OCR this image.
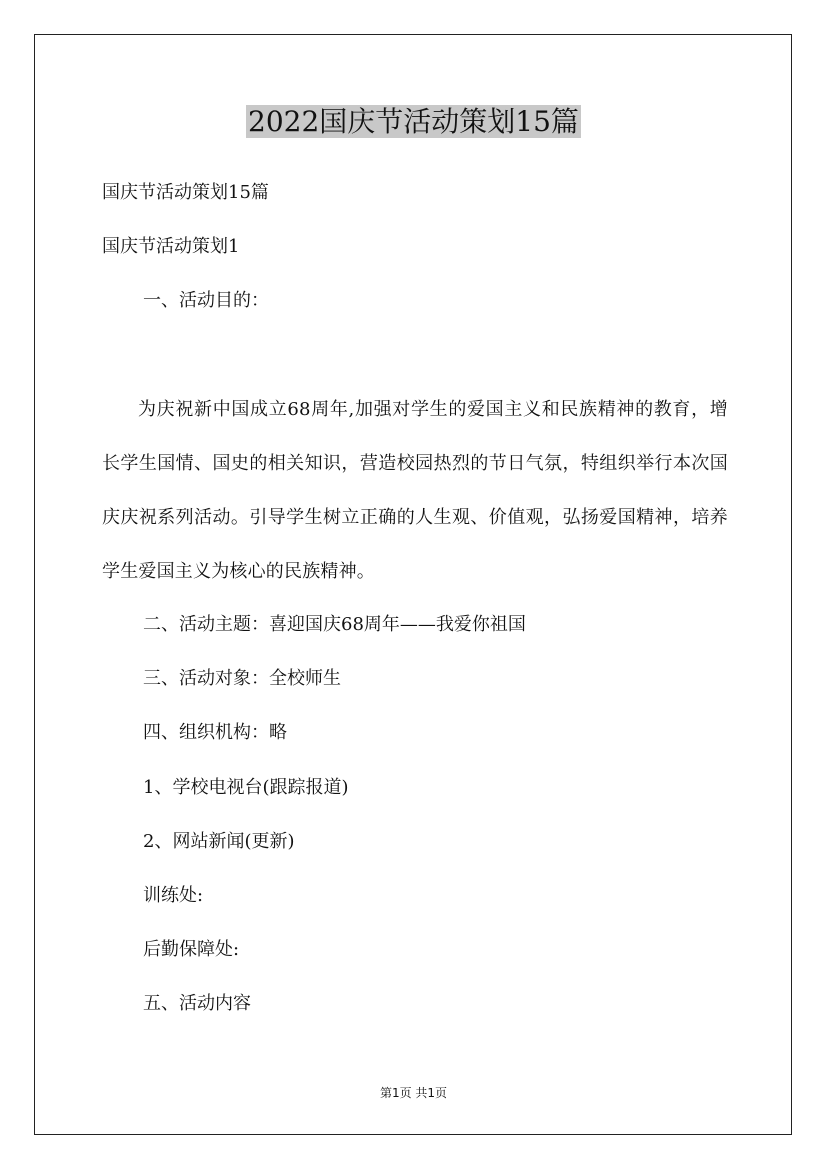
2022国庆节活动策划15篇
国庆节活动策划15篇
国庆节活动策划1
一、活动目的：
为庆祝新中国成立68周年,加强对学生的爱国主义和民族精神的教育，增长学生国情、国史的相关知识，营造校园热烈的节日气氛，特组织举行本次国庆庆祝系列活动。引导学生树立正确的人生观、价值观，弘扬爱国精神，培养学生爱国主义为核心的民族精神。
二、活动主题：喜迎国庆68周年——我爱你祖国
三、活动对象：全校师生
四、组织机构：略
1、学校电视台(跟踪报道)
2、网站新闻(更新)
训练处:
后勤保障处:
五、活动内容
第1页 共1页
